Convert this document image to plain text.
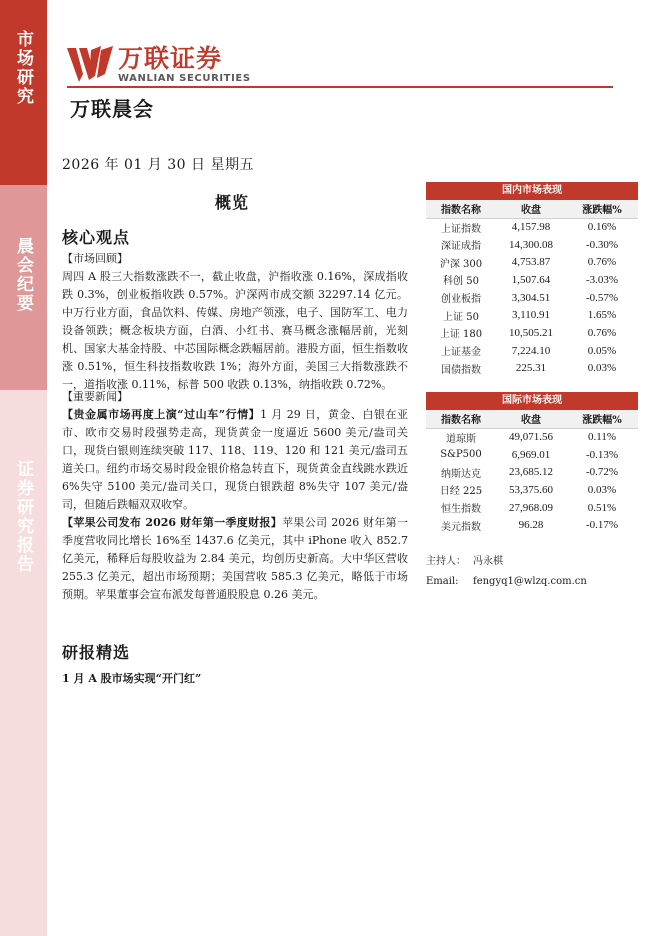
市场研究
晨会纪要
证券研究报告
万联证券
WANLIAN SECURITIES
万联晨会
2026 年 01 月 30 日 星期五
概览
核心观点
【市场回顾】

周四 A 股三大指数涨跌不一，截止收盘，沪指收涨 0.16%，深成指收跌 0.3%，创业板指收跌 0.57%。沪深两市成交额 32297.14 亿元。中万行业方面，食品饮料、传媒、房地产领涨，电子、国防军工、电力设备领跌；概念板块方面，白酒、小红书、赛马概念涨幅居前，光刻机、国家大基金持股、中芯国际概念跌幅居前。港股方面，恒生指数收涨 0.51%，恒生科技指数收跌 1%；海外方面，美国三大指数涨跌不一，道指收涨 0.11%，标普 500 收跌 0.13%，纳指收跌 0.72%。

【重要新闻】

【贵金属市场再度上演“过山车”行情】1 月 29 日，黄金、白银在亚市、欧市交易时段强势走高，现货黄金一度逼近 5600 美元/盎司关口，现货白银则连续突破 117、118、119、120 和 121 美元/盎司五道关口。纽约市场交易时段金银价格急转直下，现货黄金直线跳水跌近 6%失守 5100 美元/盎司关口，现货白银跌超 8%失守 107 美元/盎司，但随后跌幅双双收窄。

【苹果公司发布 2026 财年第一季度财报】苹果公司 2026 财年第一季度营收同比增长 16%至 1437.6 亿美元，其中 iPhone 收入 852.7 亿美元，稀释后每股收益为 2.84 美元，均创历史新高。大中华区营收 255.3 亿美元，超出市场预期；美国营收 585.3 亿美元，略低于市场预期。苹果董事会宣布派发每普通股股息 0.26 美元。

研报精选
1 月 A 股市场实现“开门红”
国内市场表现
指数名称	收盘	涨跌幅%
上证指数	4,157.98	0.16%
深证成指	14,300.08	-0.30%
沪深 300	4,753.87	0.76%
科创 50	1,507.64	-3.03%
创业板指	3,304.51	-0.57%
上证 50	3,110.91	1.65%
上证 180	10,505.21	0.76%
上证基金	7,224.10	0.05%
国债指数	225.31	0.03%
国际市场表现
指数名称	收盘	涨跌幅%
道琼斯	49,071.56	0.11%
S&P500	6,969.01	-0.13%
纳斯达克	23,685.12	-0.72%
日经 225	53,375.60	0.03%
恒生指数	27,968.09	0.51%
美元指数	96.28	-0.17%
主持人： 冯永棋
Email: fengyq1@wlzq.com.cn
